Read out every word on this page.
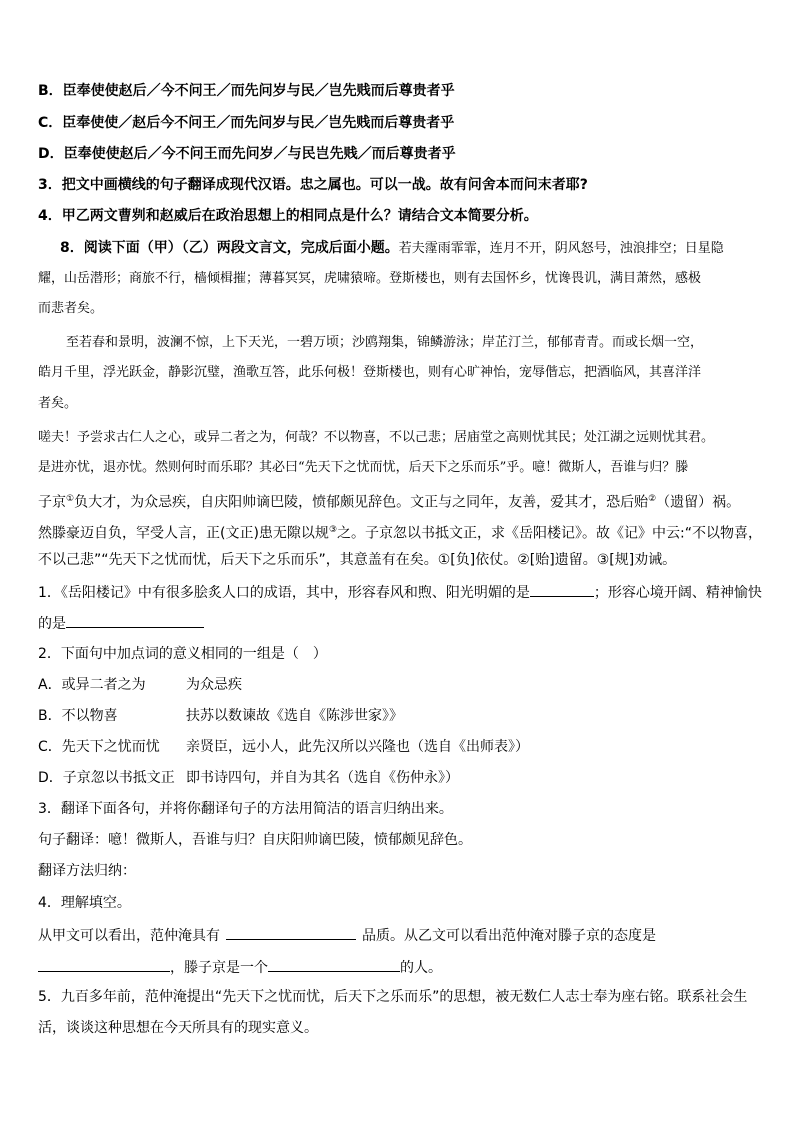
B．臣奉使使赵后／今不问王／而先问岁与民／岂先贱而后尊贵者乎
C．臣奉使使／赵后今不问王／而先问岁与民／岂先贱而后尊贵者乎
D．臣奉使使赵后／今不问王而先问岁／与民岂先贱／而后尊贵者乎
3．把文中画横线的句子翻译成现代汉语。忠之属也。可以一战。故有问舍本而问末者耶?
4．甲乙两文曹刿和赵威后在政治思想上的相同点是什么？请结合文本简要分析。
8．阅读下面（甲）（乙）两段文言文，完成后面小题。若夫霪雨霏霏，连月不开，阴风怒号，浊浪排空；日星隐
耀，山岳潜形；商旅不行，樯倾楫摧；薄暮冥冥，虎啸猿啼。登斯楼也，则有去国怀乡，忧谗畏讥，满目萧然，感极
而悲者矣。
至若春和景明，波澜不惊，上下天光，一碧万顷；沙鸥翔集，锦鳞游泳；岸芷汀兰，郁郁青青。而或长烟一空，
皓月千里，浮光跃金，静影沉璧，渔歌互答，此乐何极！登斯楼也，则有心旷神怡，宠辱偕忘，把酒临风，其喜洋洋
者矣。
嗟夫！予尝求古仁人之心，或异二者之为，何哉？不以物喜，不以己悲；居庙堂之高则忧其民；处江湖之远则忧其君。
是进亦忧，退亦忧。然则何时而乐耶？其必曰“先天下之忧而忧，后天下之乐而乐”乎。噫！微斯人，吾谁与归？滕
子京①负大才，为众忌疾，自庆阳帅谪巴陵，愤郁颇见辞色。文正与之同年，友善，爱其才，恐后贻②（遗留）祸。
然滕豪迈自负，罕受人言，正(文正)患无隙以规③之。子京忽以书抵文正，求《岳阳楼记》。故《记》中云:“不以物喜，
不以己悲”“先天下之忧而忧，后天下之乐而乐”，其意盖有在矣。①[负]依仗。②[贻]遗留。③[规]劝诫。
1．《岳阳楼记》中有很多脍炙人口的成语，其中，形容春风和煦、阳光明媚的是	；形容心境开阔、精神愉快
的是
2．下面句中加点词的意义相同的一组是（　）
A．或异二者之为	为众忌疾
B．不以物喜	扶苏以数谏故《选自《陈涉世家》》
C．先天下之忧而忧 亲贤臣，远小人，此先汉所以兴隆也（选自《出师表》）
D．子京忽以书抵文正 即书诗四句，并自为其名（选自《伤仲永》）
3．翻译下面各句，并将你翻译句子的方法用简洁的语言归纳出来。
句子翻译：噫！微斯人，吾谁与归？自庆阳帅谪巴陵，愤郁颇见辞色。
翻译方法归纳：
4．理解填空。
从甲文可以看出，范仲淹具有	品质。从乙文可以看出范仲淹对滕子京的态度是
，滕子京是一个	的人。
5．九百多年前，范仲淹提出“先天下之忧而忧，后天下之乐而乐”的思想，被无数仁人志士奉为座右铭。联系社会生
活，谈谈这种思想在今天所具有的现实意义。
